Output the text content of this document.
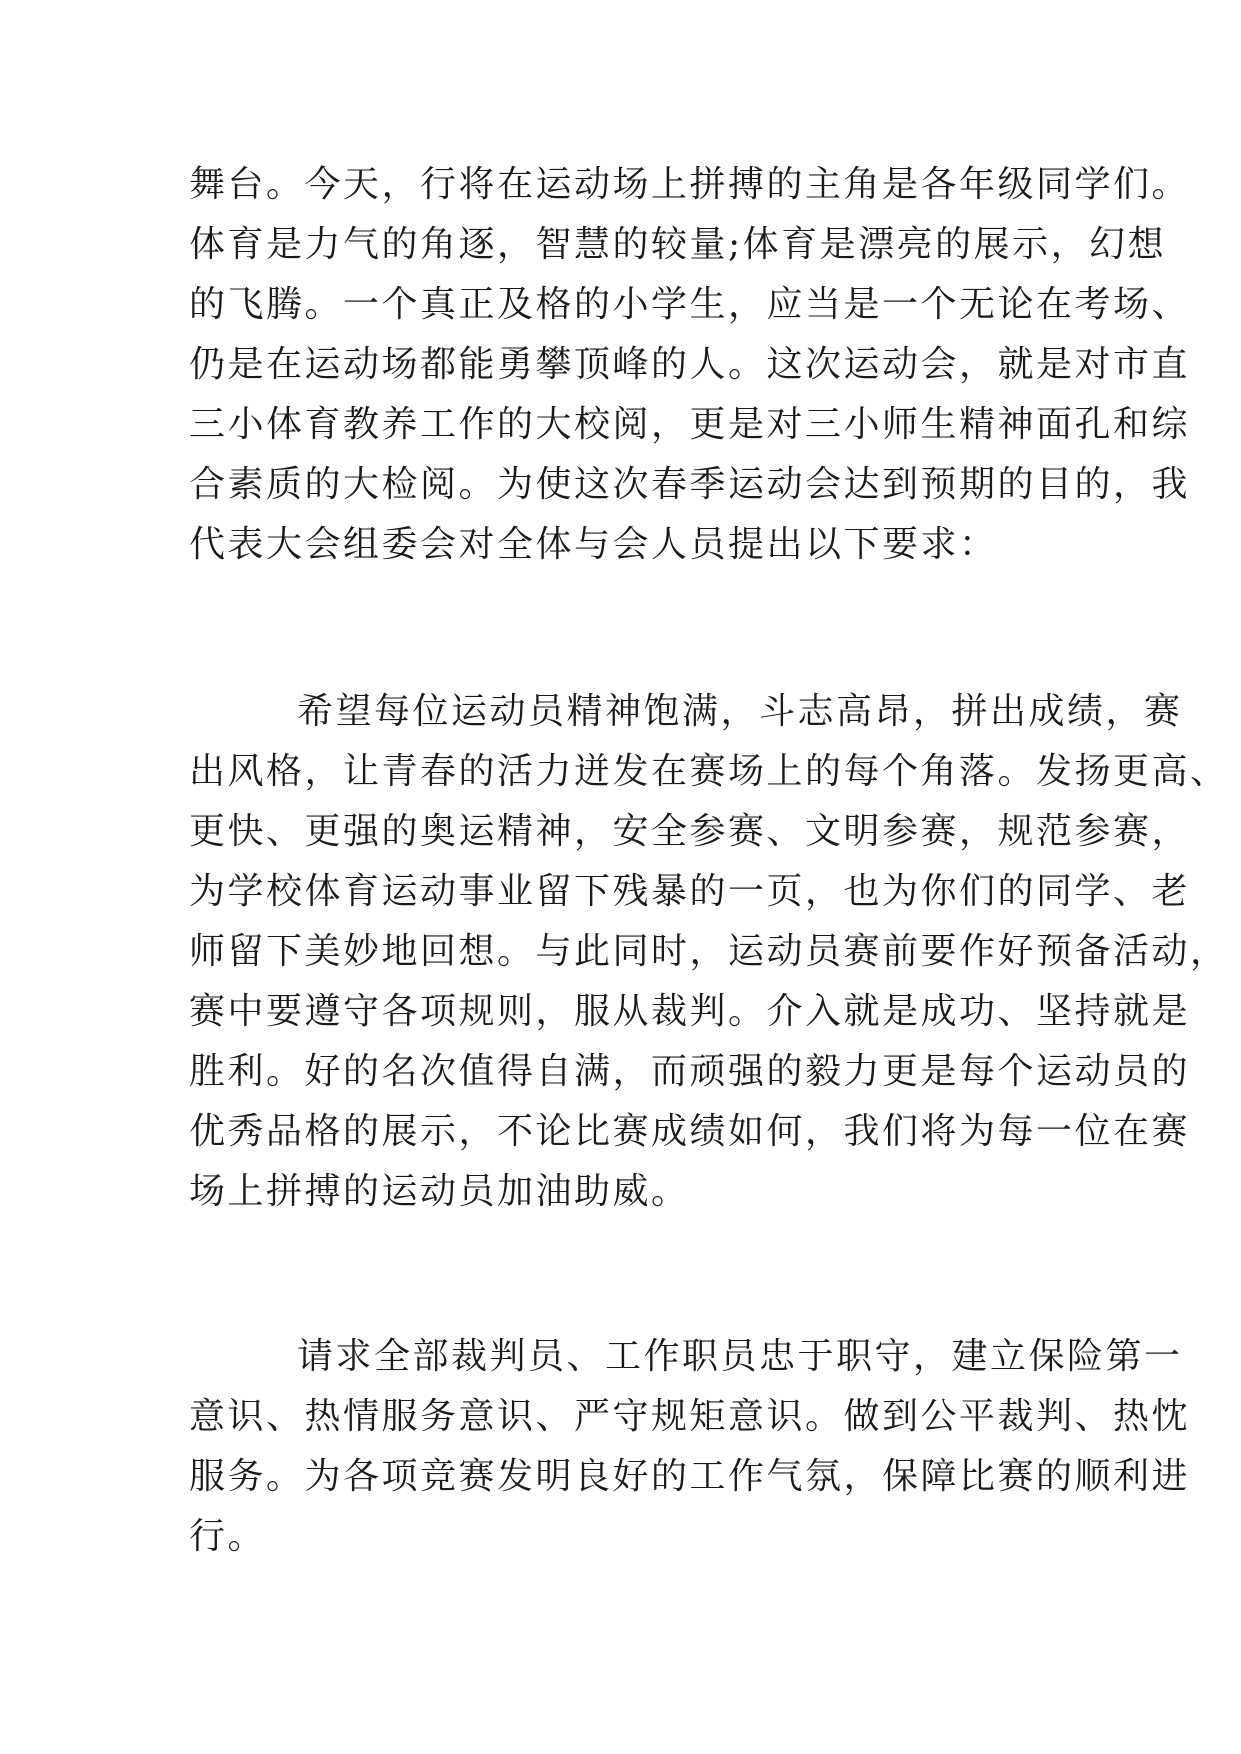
舞台。今天，行将在运动场上拼搏的主角是各年级同学们。
体育是力气的角逐，智慧的较量;体育是漂亮的展示，幻想
的飞腾。一个真正及格的小学生，应当是一个无论在考场、
仍是在运动场都能勇攀顶峰的人。这次运动会，就是对市直
三小体育教养工作的大校阅，更是对三小师生精神面孔和综
合素质的大检阅。为使这次春季运动会达到预期的目的，我
代表大会组委会对全体与会人员提出以下要求：
希望每位运动员精神饱满，斗志高昂，拼出成绩，赛
出风格，让青春的活力迸发在赛场上的每个角落。发扬更高、
更快、更强的奥运精神，安全参赛、文明参赛，规范参赛，
为学校体育运动事业留下残暴的一页，也为你们的同学、老
师留下美妙地回想。与此同时，运动员赛前要作好预备活动，
赛中要遵守各项规则，服从裁判。介入就是成功、坚持就是
胜利。好的名次值得自满，而顽强的毅力更是每个运动员的
优秀品格的展示，不论比赛成绩如何，我们将为每一位在赛
场上拼搏的运动员加油助威。
请求全部裁判员、工作职员忠于职守，建立保险第一
意识、热情服务意识、严守规矩意识。做到公平裁判、热忱
服务。为各项竞赛发明良好的工作气氛，保障比赛的顺利进
行。
